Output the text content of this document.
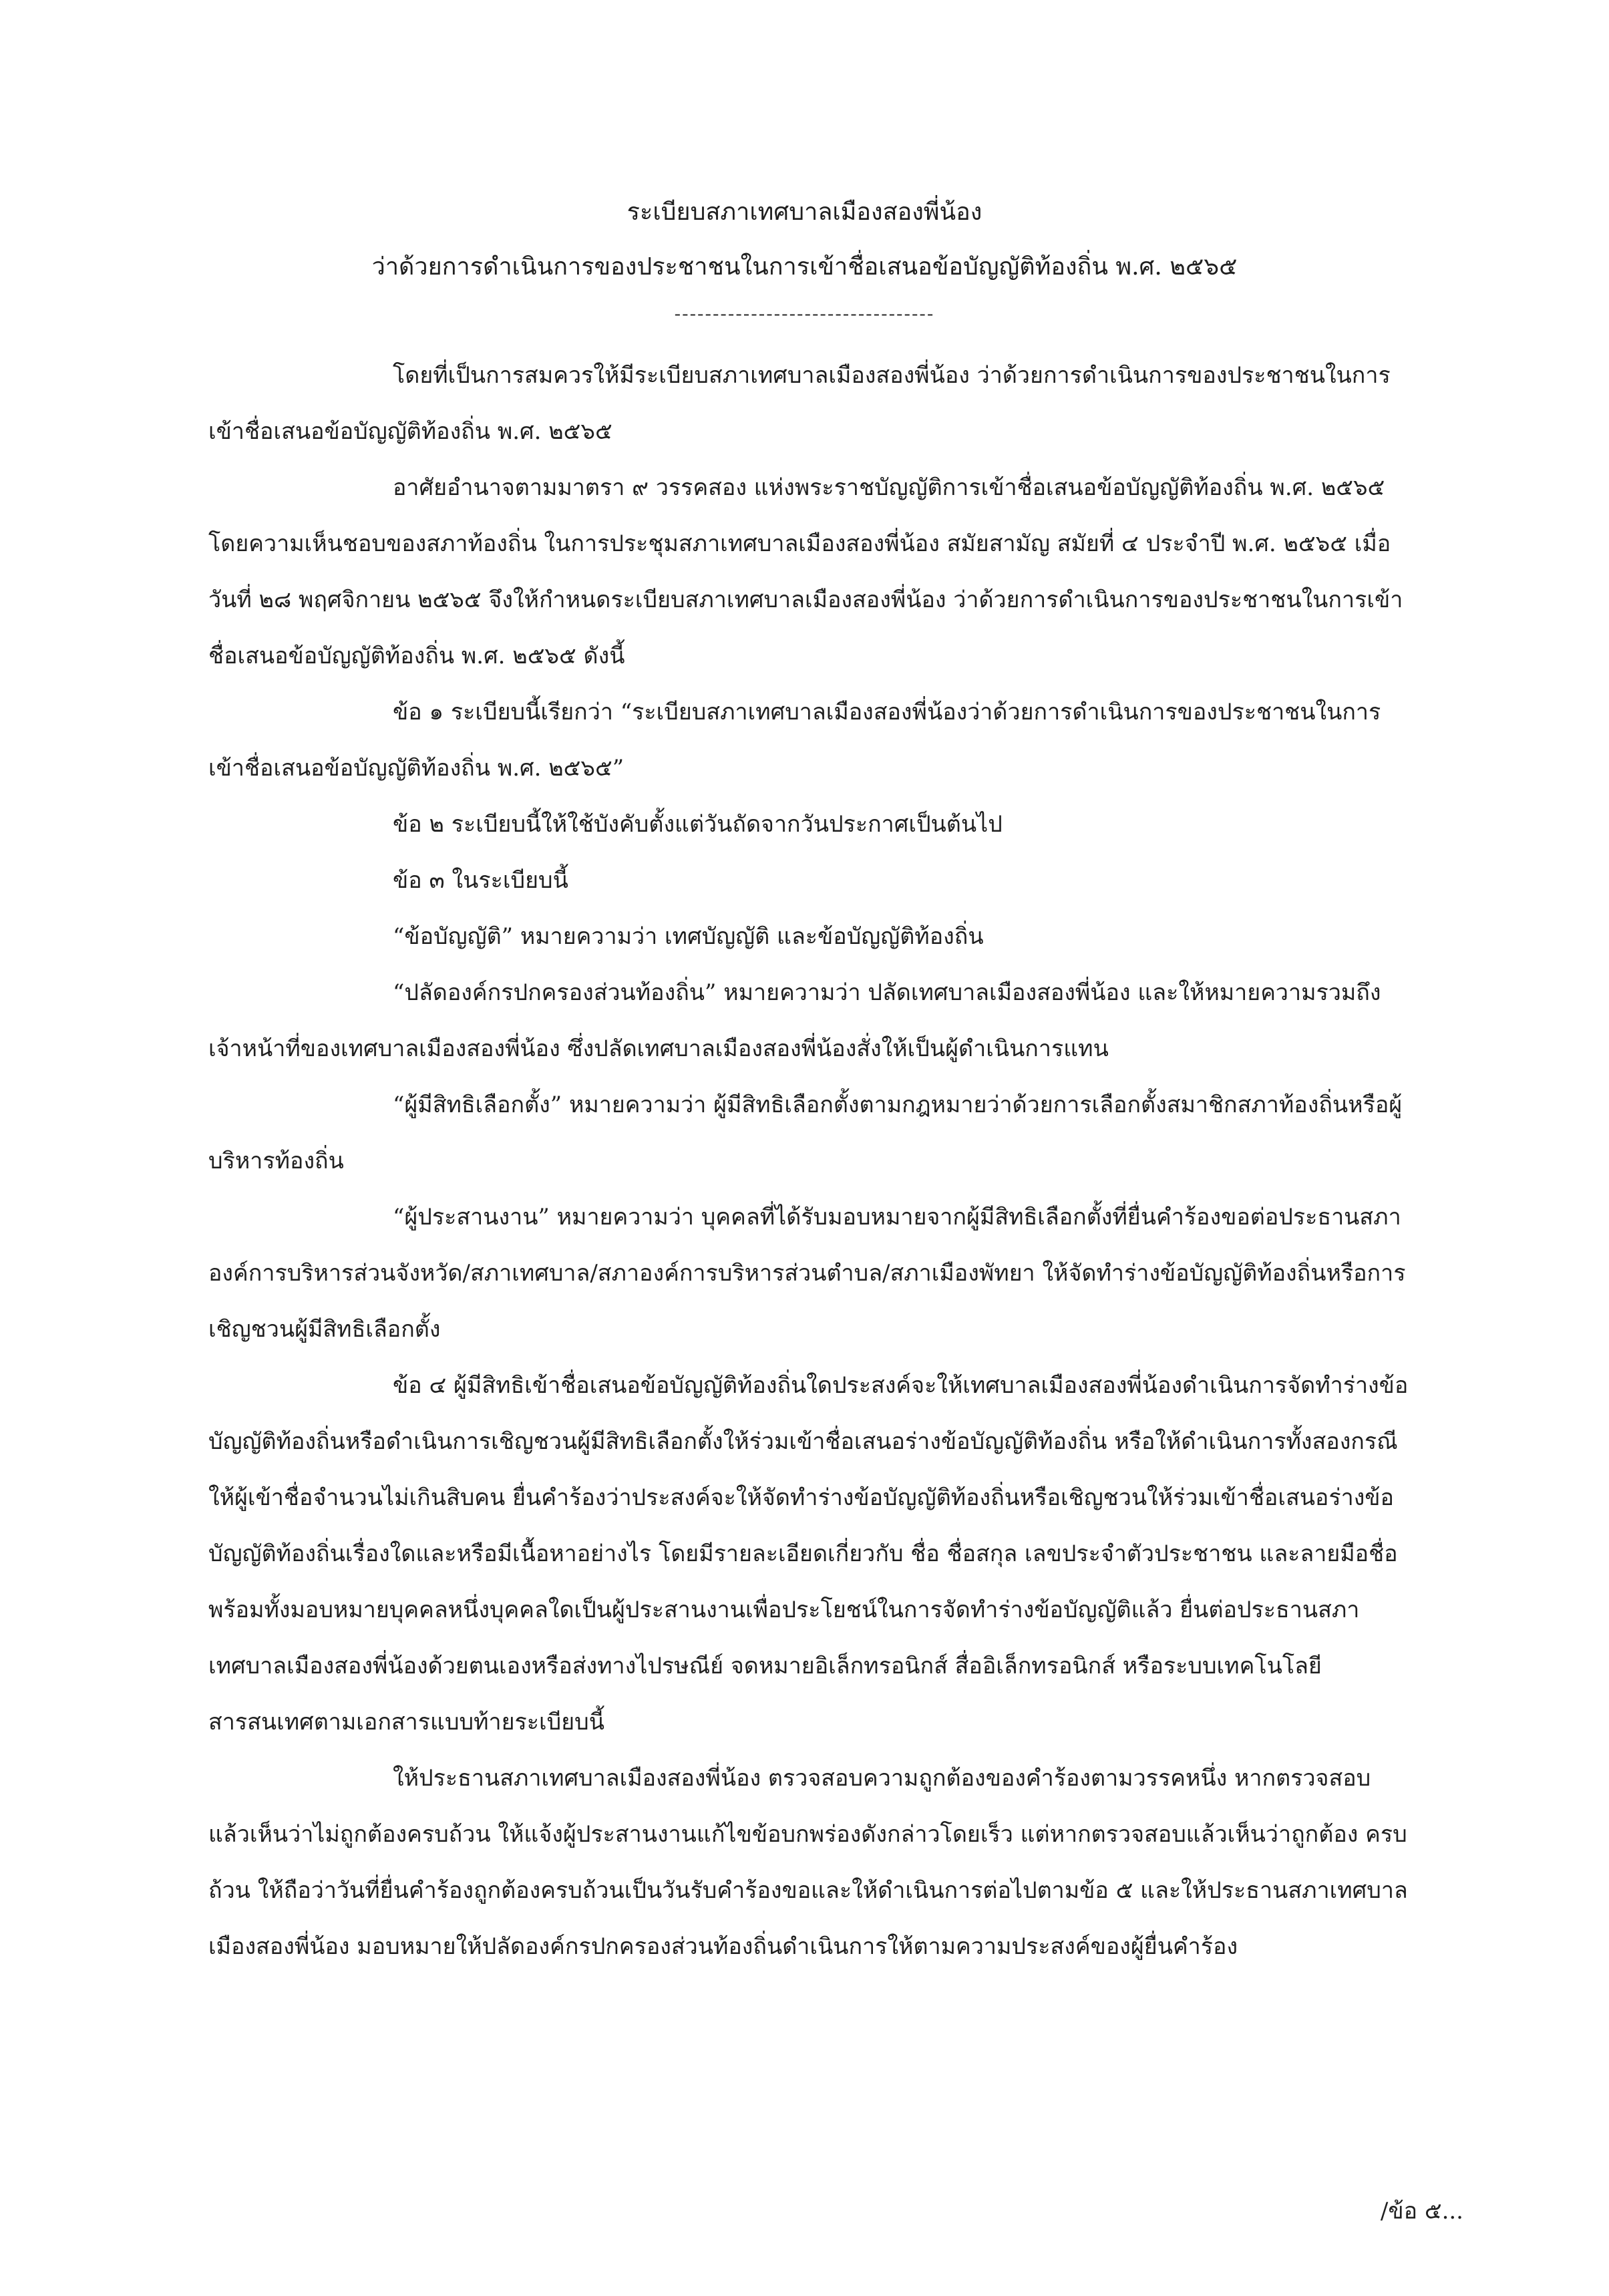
ระเบียบสภาเทศบาลเมืองสองพี่น้อง
ว่าด้วยการดำเนินการของประชาชนในการเข้าชื่อเสนอข้อบัญญัติท้องถิ่น พ.ศ. ๒๕๖๕
----------------------------------

โดยที่เป็นการสมควรให้มีระเบียบสภาเทศบาลเมืองสองพี่น้อง ว่าด้วยการดำเนินการของประชาชนในการเข้าชื่อเสนอข้อบัญญัติท้องถิ่น พ.ศ. ๒๕๖๕

อาศัยอำนาจตามมาตรา ๙ วรรคสอง แห่งพระราชบัญญัติการเข้าชื่อเสนอข้อบัญญัติท้องถิ่น พ.ศ. ๒๕๖๕ โดยความเห็นชอบของสภาท้องถิ่น ในการประชุมสภาเทศบาลเมืองสองพี่น้อง สมัยสามัญ สมัยที่ ๔ ประจำปี พ.ศ. ๒๕๖๕ เมื่อวันที่ ๒๘ พฤศจิกายน ๒๕๖๕ จึงให้กำหนดระเบียบสภาเทศบาลเมืองสองพี่น้อง ว่าด้วยการดำเนินการของประชาชนในการเข้าชื่อเสนอข้อบัญญัติท้องถิ่น พ.ศ. ๒๕๖๕ ดังนี้

ข้อ ๑ ระเบียบนี้เรียกว่า “ระเบียบสภาเทศบาลเมืองสองพี่น้องว่าด้วยการดำเนินการของประชาชนในการเข้าชื่อเสนอข้อบัญญัติท้องถิ่น พ.ศ. ๒๕๖๕”

ข้อ ๒ ระเบียบนี้ให้ใช้บังคับตั้งแต่วันถัดจากวันประกาศเป็นต้นไป

ข้อ ๓ ในระเบียบนี้

“ข้อบัญญัติ” หมายความว่า เทศบัญญัติ และข้อบัญญัติท้องถิ่น

“ปลัดองค์กรปกครองส่วนท้องถิ่น” หมายความว่า ปลัดเทศบาลเมืองสองพี่น้อง และให้หมายความรวมถึงเจ้าหน้าที่ของเทศบาลเมืองสองพี่น้อง ซึ่งปลัดเทศบาลเมืองสองพี่น้องสั่งให้เป็นผู้ดำเนินการแทน

“ผู้มีสิทธิเลือกตั้ง” หมายความว่า ผู้มีสิทธิเลือกตั้งตามกฎหมายว่าด้วยการเลือกตั้งสมาชิกสภาท้องถิ่นหรือผู้บริหารท้องถิ่น

“ผู้ประสานงาน” หมายความว่า บุคคลที่ได้รับมอบหมายจากผู้มีสิทธิเลือกตั้งที่ยื่นคำร้องขอต่อประธานสภาองค์การบริหารส่วนจังหวัด/สภาเทศบาล/สภาองค์การบริหารส่วนตำบล/สภาเมืองพัทยา ให้จัดทำร่างข้อบัญญัติท้องถิ่นหรือการเชิญชวนผู้มีสิทธิเลือกตั้ง

ข้อ ๔ ผู้มีสิทธิเข้าชื่อเสนอข้อบัญญัติท้องถิ่นใดประสงค์จะให้เทศบาลเมืองสองพี่น้องดำเนินการจัดทำร่างข้อบัญญัติท้องถิ่นหรือดำเนินการเชิญชวนผู้มีสิทธิเลือกตั้งให้ร่วมเข้าชื่อเสนอร่างข้อบัญญัติท้องถิ่น หรือให้ดำเนินการทั้งสองกรณี ให้ผู้เข้าชื่อจำนวนไม่เกินสิบคน ยื่นคำร้องว่าประสงค์จะให้จัดทำร่างข้อบัญญัติท้องถิ่นหรือเชิญชวนให้ร่วมเข้าชื่อเสนอร่างข้อบัญญัติท้องถิ่นเรื่องใดและหรือมีเนื้อหาอย่างไร โดยมีรายละเอียดเกี่ยวกับ ชื่อ ชื่อสกุล เลขประจำตัวประชาชน และลายมือชื่อ พร้อมทั้งมอบหมายบุคคลหนึ่งบุคคลใดเป็นผู้ประสานงานเพื่อประโยชน์ในการจัดทำร่างข้อบัญญัติแล้ว ยื่นต่อประธานสภาเทศบาลเมืองสองพี่น้องด้วยตนเองหรือส่งทางไปรษณีย์ จดหมายอิเล็กทรอนิกส์ สื่ออิเล็กทรอนิกส์ หรือระบบเทคโนโลยีสารสนเทศตามเอกสารแบบท้ายระเบียบนี้

ให้ประธานสภาเทศบาลเมืองสองพี่น้อง ตรวจสอบความถูกต้องของคำร้องตามวรรคหนึ่ง หากตรวจสอบแล้วเห็นว่าไม่ถูกต้องครบถ้วน ให้แจ้งผู้ประสานงานแก้ไขข้อบกพร่องดังกล่าวโดยเร็ว แต่หากตรวจสอบแล้วเห็นว่าถูกต้อง ครบถ้วน ให้ถือว่าวันที่ยื่นคำร้องถูกต้องครบถ้วนเป็นวันรับคำร้องขอและให้ดำเนินการต่อไปตามข้อ ๕ และให้ประธานสภาเทศบาลเมืองสองพี่น้อง มอบหมายให้ปลัดองค์กรปกครองส่วนท้องถิ่นดำเนินการให้ตามความประสงค์ของผู้ยื่นคำร้อง

/ข้อ ๕...
